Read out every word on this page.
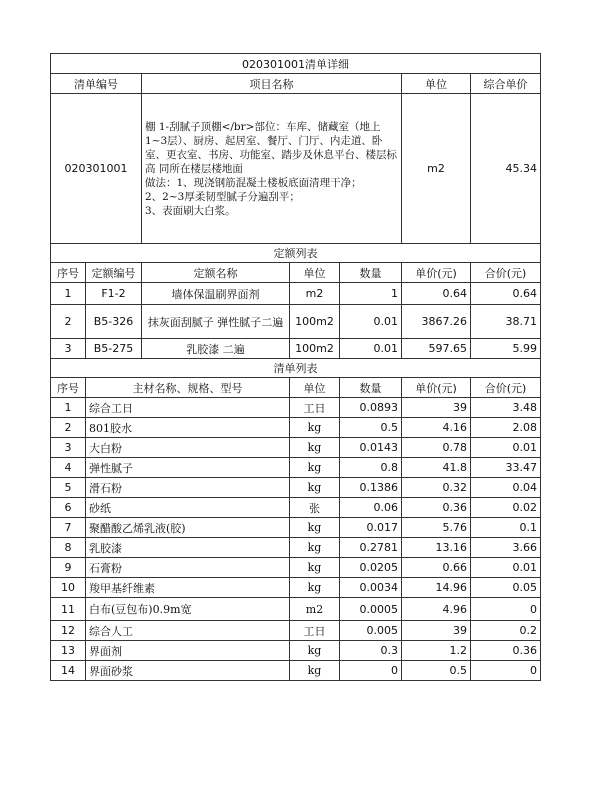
020301001清单详细						
清单编号		项目名称			单位	综合单价
020301001		棚 1-刮腻子顶棚</br>部位：车库、储藏室（地上1~3层）、厨房、起居室、餐厅、门厅、内走道、卧室、更衣室、书房、功能室、踏步及休息平台、楼层标高 同所在楼层楼地面
做法：1、现浇钢筋混凝土楼板底面清理干净；
2、2~3厚柔韧型腻子分遍刮平；
3、表面刷大白浆。			m2	45.34
定额列表						
序号	定额编号	定额名称	单位	数量	单价(元)	合价(元)
1	F1-2	墙体保温刷界面剂	m2	1	0.64	0.64
2	B5-326	抹灰面刮腻子 弹性腻子二遍	100m2	0.01	3867.26	38.71
3	B5-275	乳胶漆 二遍	100m2	0.01	597.65	5.99
清单列表						
序号	主材名称、规格、型号		单位	数量	单价(元)	合价(元)
1	综合工日		工日	0.0893	39	3.48
2	801胶水		kg	0.5	4.16	2.08
3	大白粉		kg	0.0143	0.78	0.01
4	弹性腻子		kg	0.8	41.8	33.47
5	滑石粉		kg	0.1386	0.32	0.04
6	砂纸		张	0.06	0.36	0.02
7	聚醋酸乙烯乳液(胶)		kg	0.017	5.76	0.1
8	乳胶漆		kg	0.2781	13.16	3.66
9	石膏粉		kg	0.0205	0.66	0.01
10	羧甲基纤维素		kg	0.0034	14.96	0.05
11	白布(豆包布)0.9m宽		m2	0.0005	4.96	0
12	综合人工		工日	0.005	39	0.2
13	界面剂		kg	0.3	1.2	0.36
14	界面砂浆		kg	0	0.5	0
